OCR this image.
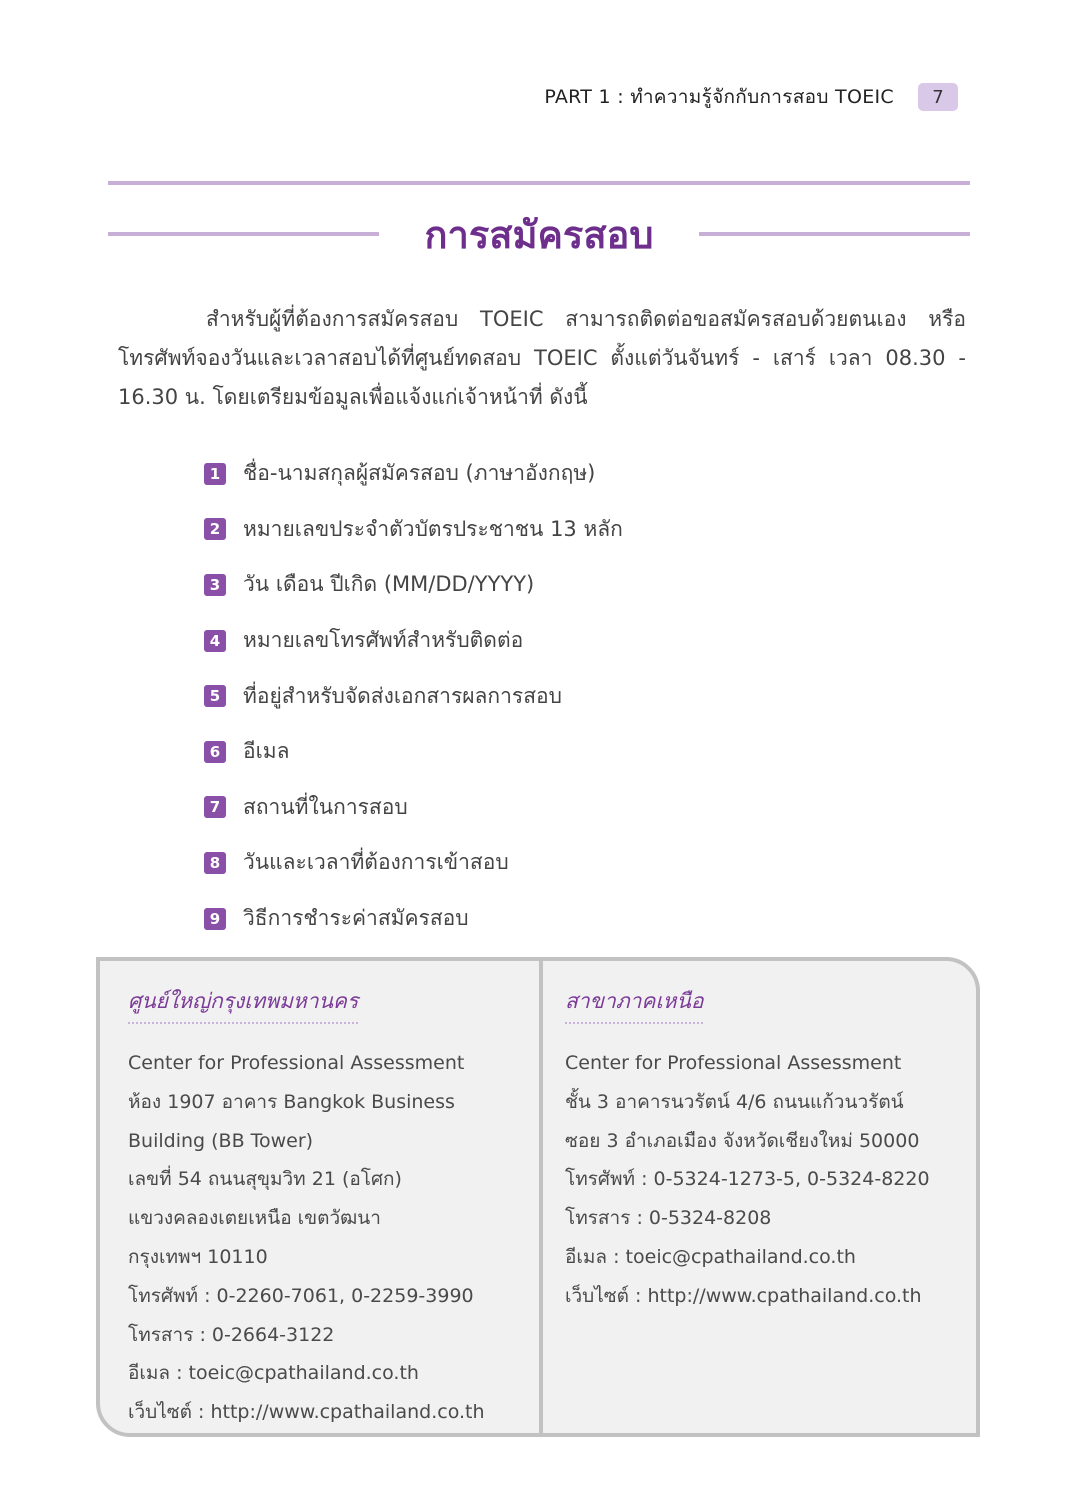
PART 1 : ทำความรู้จักกับการสอบ TOEIC	7
การสมัครสอบ
สำหรับผู้ที่ต้องการสมัครสอบ TOEIC สามารถติดต่อขอสมัครสอบด้วยตนเอง หรือโทรศัพท์จองวันและเวลาสอบได้ที่ศูนย์ทดสอบ TOEIC ตั้งแต่วันจันทร์ - เสาร์ เวลา 08.30 - 16.30 น. โดยเตรียมข้อมูลเพื่อแจ้งแก่เจ้าหน้าที่ ดังนี้
1 ชื่อ-นามสกุลผู้สมัครสอบ (ภาษาอังกฤษ)
2 หมายเลขประจำตัวบัตรประชาชน 13 หลัก
3 วัน เดือน ปีเกิด (MM/DD/YYYY)
4 หมายเลขโทรศัพท์สำหรับติดต่อ
5 ที่อยู่สำหรับจัดส่งเอกสารผลการสอบ
6 อีเมล
7 สถานที่ในการสอบ
8 วันและเวลาที่ต้องการเข้าสอบ
9 วิธีการชำระค่าสมัครสอบ
ศูนย์ใหญ่กรุงเทพมหานคร
Center for Professional Assessment
ห้อง 1907 อาคาร Bangkok Business
Building (BB Tower)
เลขที่ 54 ถนนสุขุมวิท 21 (อโศก)
แขวงคลองเตยเหนือ เขตวัฒนา
กรุงเทพฯ 10110
โทรศัพท์ : 0-2260-7061, 0-2259-3990
โทรสาร : 0-2664-3122
อีเมล : toeic@cpathailand.co.th
เว็บไซต์ : http://www.cpathailand.co.th
สาขาภาคเหนือ
Center for Professional Assessment
ชั้น 3 อาคารนวรัตน์ 4/6 ถนนแก้วนวรัตน์
ซอย 3 อำเภอเมือง จังหวัดเชียงใหม่ 50000
โทรศัพท์ : 0-5324-1273-5, 0-5324-8220
โทรสาร : 0-5324-8208
อีเมล : toeic@cpathailand.co.th
เว็บไซต์ : http://www.cpathailand.co.th
